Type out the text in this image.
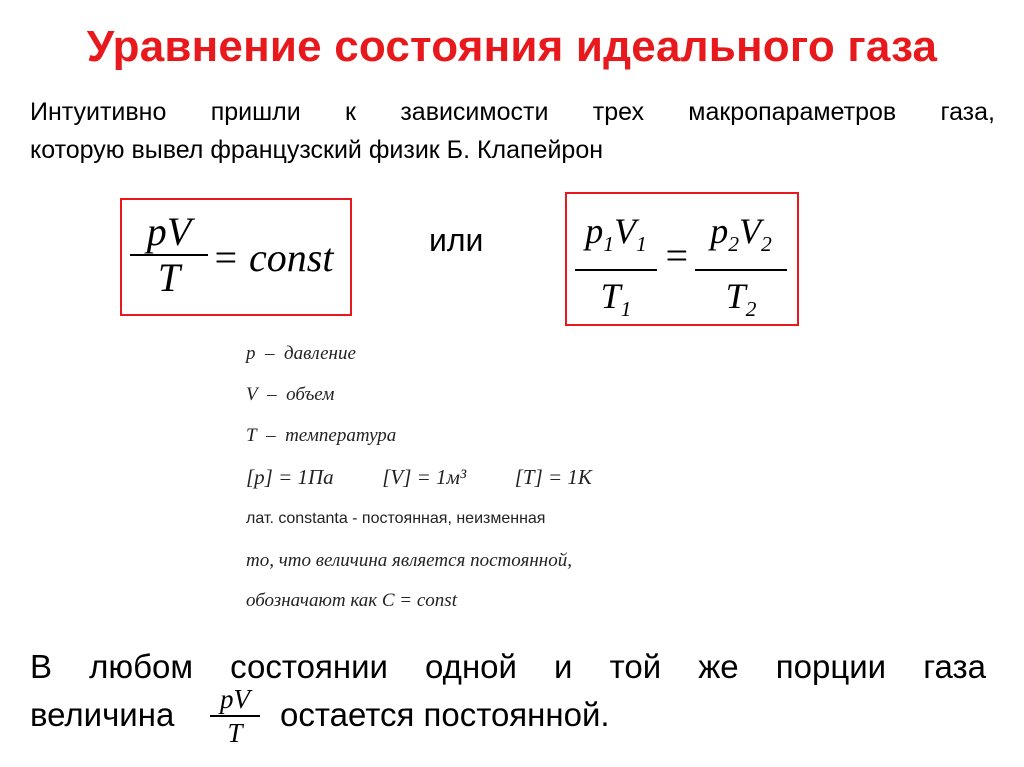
Уравнение состояния идеального газа
Интуитивно пришли к зависимости трех макропараметров газа,
которую вывел французский физик Б. Клапейрон
pV
T = const	или	$p_1V_1$
$T_1$
=
$p_2V_2$
$T_2$
p – давление
V – объем
T – температура
[p] = 1Па [V] = 1м³ [T] = 1K
лат. constanta - постоянная, неизменная
то, что величина является постоянной,
обозначают как C = const
В любом состоянии одной и той же порции газа
величина	pV
T	остается постоянной.
